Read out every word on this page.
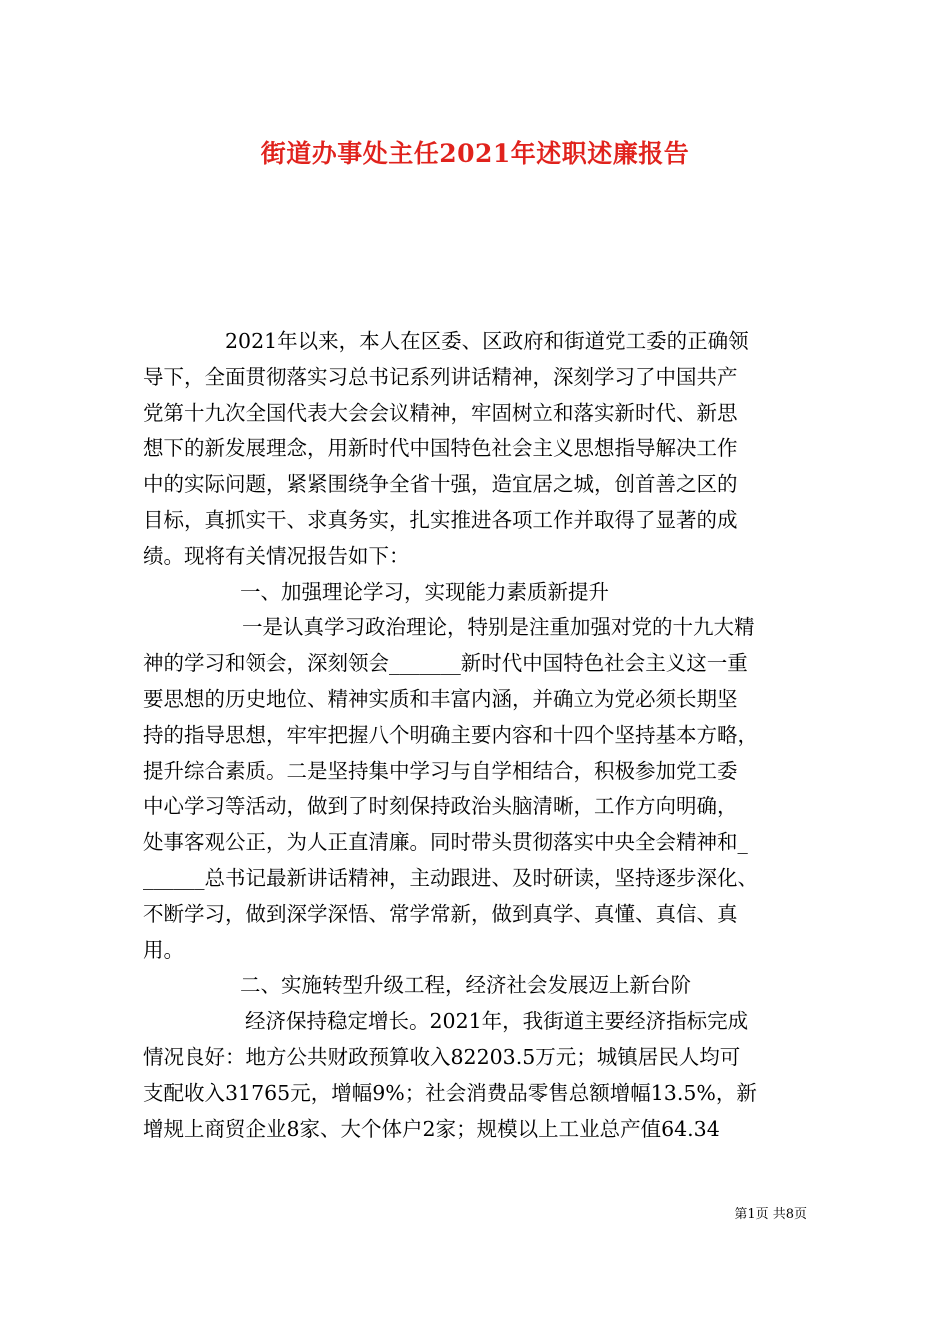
街道办事处主任2021年述职述廉报告

2021年以来，本人在区委、区政府和街道党工委的正确领

导下，全面贯彻落实习总书记系列讲话精神，深刻学习了中国共产

党第十九次全国代表大会会议精神，牢固树立和落实新时代、新思

想下的新发展理念，用新时代中国特色社会主义思想指导解决工作

中的实际问题，紧紧围绕争全省十强，造宜居之城，创首善之区的

目标，真抓实干、求真务实，扎实推进各项工作并取得了显著的成

绩。现将有关情况报告如下：

一、加强理论学习，实现能力素质新提升

一是认真学习政治理论，特别是注重加强对党的十九大精

神的学习和领会，深刻领会_______新时代中国特色社会主义这一重

要思想的历史地位、精神实质和丰富内涵，并确立为党必须长期坚

持的指导思想，牢牢把握八个明确主要内容和十四个坚持基本方略，

提升综合素质。二是坚持集中学习与自学相结合，积极参加党工委

中心学习等活动，做到了时刻保持政治头脑清晰，工作方向明确，

处事客观公正，为人正直清廉。同时带头贯彻落实中央全会精神和_

______总书记最新讲话精神，主动跟进、及时研读，坚持逐步深化、

不断学习，做到深学深悟、常学常新，做到真学、真懂、真信、真

用。

二、实施转型升级工程，经济社会发展迈上新台阶

经济保持稳定增长。2021年，我街道主要经济指标完成

情况良好：地方公共财政预算收入82203.5万元；城镇居民人均可

支配收入31765元，增幅9%；社会消费品零售总额增幅13.5%，新

增规上商贸企业8家、大个体户2家；规模以上工业总产值64.34

第1页 共8页
